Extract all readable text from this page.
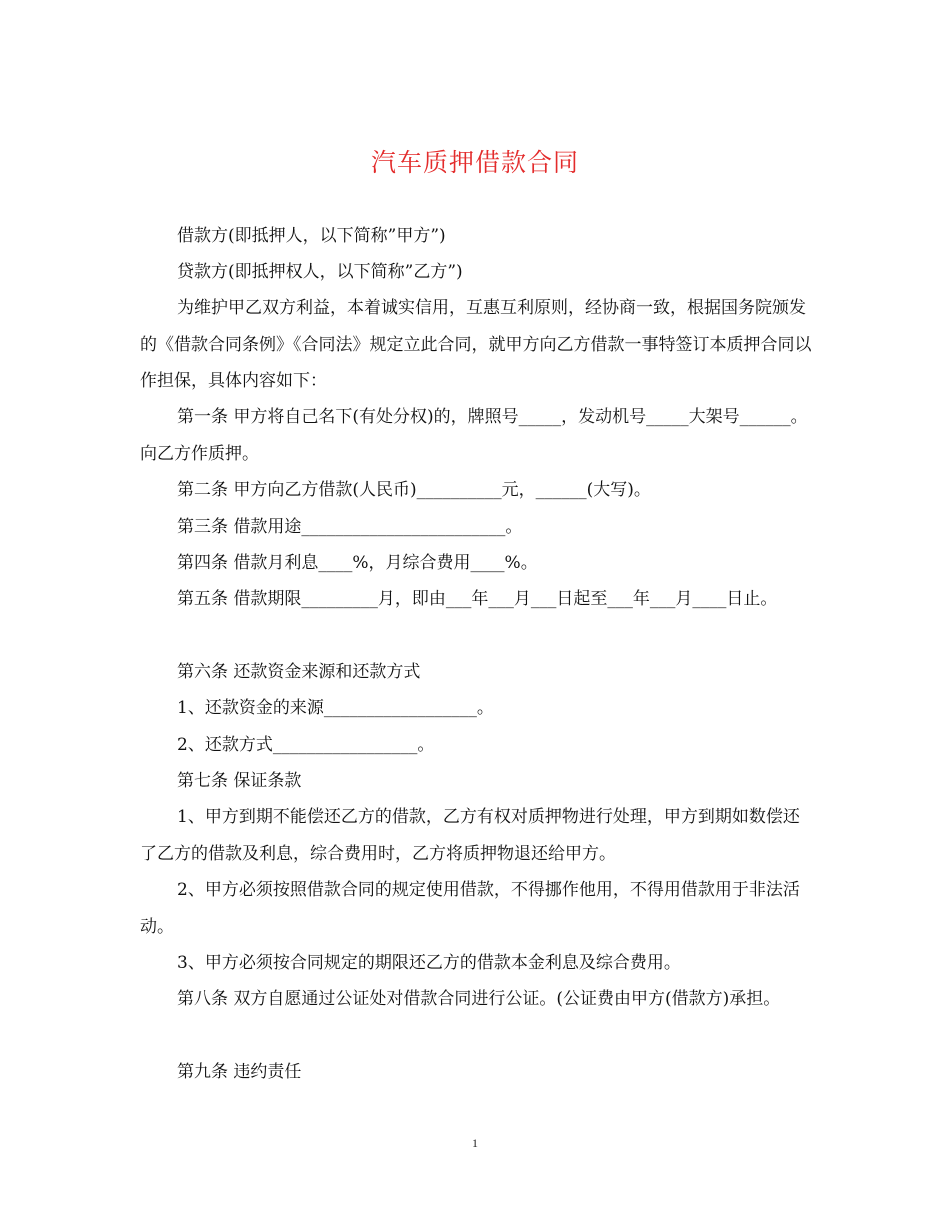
汽车质押借款合同

借款方(即抵押人，以下简称”甲方”)

贷款方(即抵押权人，以下简称”乙方”)

为维护甲乙双方利益，本着诚实信用，互惠互利原则，经协商一致，根据国务院颁发的《借款合同条例》《合同法》规定立此合同，就甲方向乙方借款一事特签订本质押合同以作担保，具体内容如下：

第一条 甲方将自己名下(有处分权)的，牌照号_____，发动机号_____大架号______。向乙方作质押。

第二条 甲方向乙方借款(人民币)__________元，______(大写)。

第三条 借款用途________________________。

第四条 借款月利息____%，月综合费用____%。

第五条 借款期限_________月，即由___年___月___日起至___年___月____日止。

第六条 还款资金来源和还款方式

1、还款资金的来源__________________。

2、还款方式_________________。

第七条 保证条款

1、甲方到期不能偿还乙方的借款，乙方有权对质押物进行处理，甲方到期如数偿还了乙方的借款及利息，综合费用时，乙方将质押物退还给甲方。

2、甲方必须按照借款合同的规定使用借款，不得挪作他用，不得用借款用于非法活动。

3、甲方必须按合同规定的期限还乙方的借款本金利息及综合费用。

第八条 双方自愿通过公证处对借款合同进行公证。(公证费由甲方(借款方)承担。

第九条 违约责任

1
